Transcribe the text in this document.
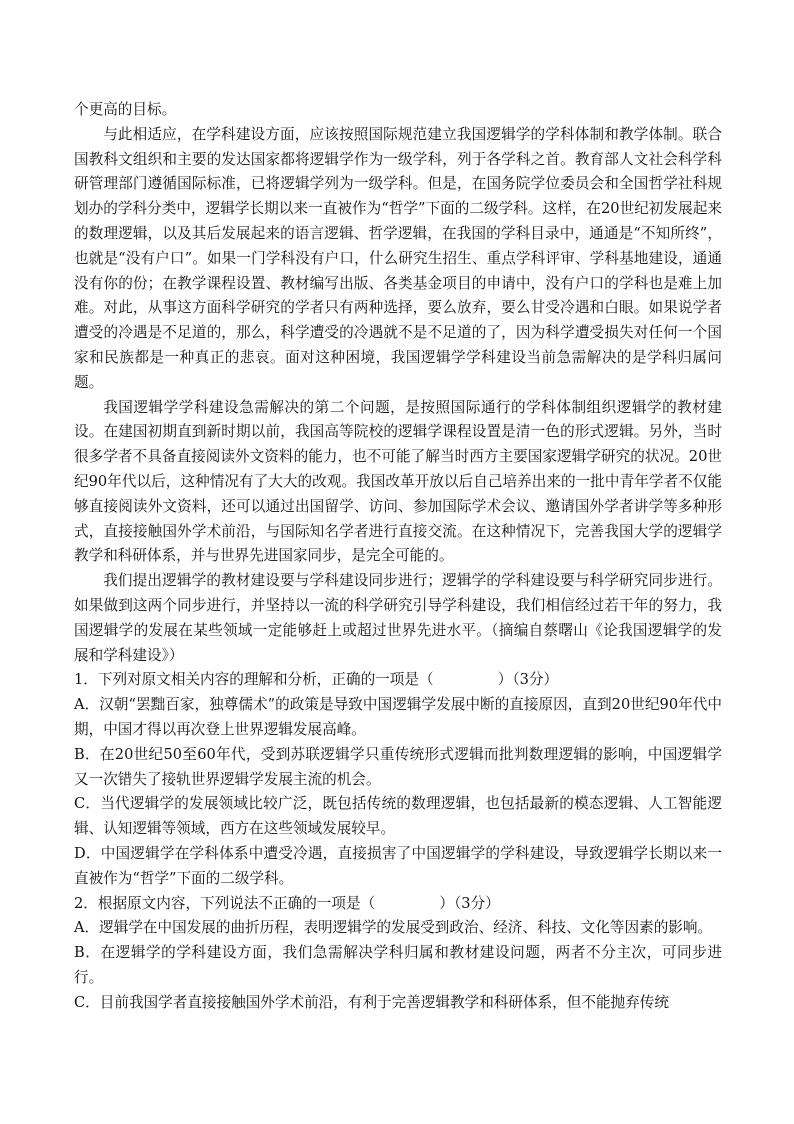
个更高的目标。

与此相适应，在学科建设方面，应该按照国际规范建立我国逻辑学的学科体制和教学体制。联合国教科文组织和主要的发达国家都将逻辑学作为一级学科，列于各学科之首。教育部人文社会科学科研管理部门遵循国际标准，已将逻辑学列为一级学科。但是，在国务院学位委员会和全国哲学社科规划办的学科分类中，逻辑学长期以来一直被作为“哲学”下面的二级学科。这样，在20世纪初发展起来的数理逻辑，以及其后发展起来的语言逻辑、哲学逻辑，在我国的学科目录中，通通是“不知所终”，也就是“没有户口”。如果一门学科没有户口，什么研究生招生、重点学科评审、学科基地建设，通通没有你的份；在教学课程设置、教材编写出版、各类基金项目的申请中，没有户口的学科也是难上加难。对此，从事这方面科学研究的学者只有两种选择，要么放弃，要么甘受冷遇和白眼。如果说学者遭受的冷遇是不足道的，那么，科学遭受的冷遇就不是不足道的了，因为科学遭受损失对任何一个国家和民族都是一种真正的悲哀。面对这种困境，我国逻辑学学科建设当前急需解决的是学科归属问题。

我国逻辑学学科建设急需解决的第二个问题，是按照国际通行的学科体制组织逻辑学的教材建设。在建国初期直到新时期以前，我国高等院校的逻辑学课程设置是清一色的形式逻辑。另外，当时很多学者不具备直接阅读外文资料的能力，也不可能了解当时西方主要国家逻辑学研究的状况。20世纪90年代以后，这种情况有了大大的改观。我国改革开放以后自己培养出来的一批中青年学者不仅能够直接阅读外文资料，还可以通过出国留学、访问、参加国际学术会议、邀请国外学者讲学等多种形式，直接接触国外学术前沿，与国际知名学者进行直接交流。在这种情况下，完善我国大学的逻辑学教学和科研体系，并与世界先进国家同步，是完全可能的。

我们提出逻辑学的教材建设要与学科建设同步进行；逻辑学的学科建设要与科学研究同步进行。如果做到这两个同步进行，并坚持以一流的科学研究引导学科建设，我们相信经过若干年的努力，我国逻辑学的发展在某些领域一定能够赶上或超过世界先进水平。（摘编自蔡曙山《论我国逻辑学的发展和学科建设》）

1．下列对原文相关内容的理解和分析，正确的一项是（	）（3分）

A．汉朝“罢黜百家，独尊儒术”的政策是导致中国逻辑学发展中断的直接原因，直到20世纪90年代中期，中国才得以再次登上世界逻辑发展高峰。

B．在20世纪50至60年代，受到苏联逻辑学只重传统形式逻辑而批判数理逻辑的影响，中国逻辑学又一次错失了接轨世界逻辑学发展主流的机会。

C．当代逻辑学的发展领域比较广泛，既包括传统的数理逻辑，也包括最新的模态逻辑、人工智能逻辑、认知逻辑等领域，西方在这些领域发展较早。

D．中国逻辑学在学科体系中遭受冷遇，直接损害了中国逻辑学的学科建设，导致逻辑学长期以来一直被作为“哲学”下面的二级学科。

2．根据原文内容，下列说法不正确的一项是（	）（3分）

A．逻辑学在中国发展的曲折历程，表明逻辑学的发展受到政治、经济、科技、文化等因素的影响。

B．在逻辑学的学科建设方面，我们急需解决学科归属和教材建设问题，两者不分主次，可同步进行。

C．目前我国学者直接接触国外学术前沿，有利于完善逻辑教学和科研体系，但不能抛弃传统
